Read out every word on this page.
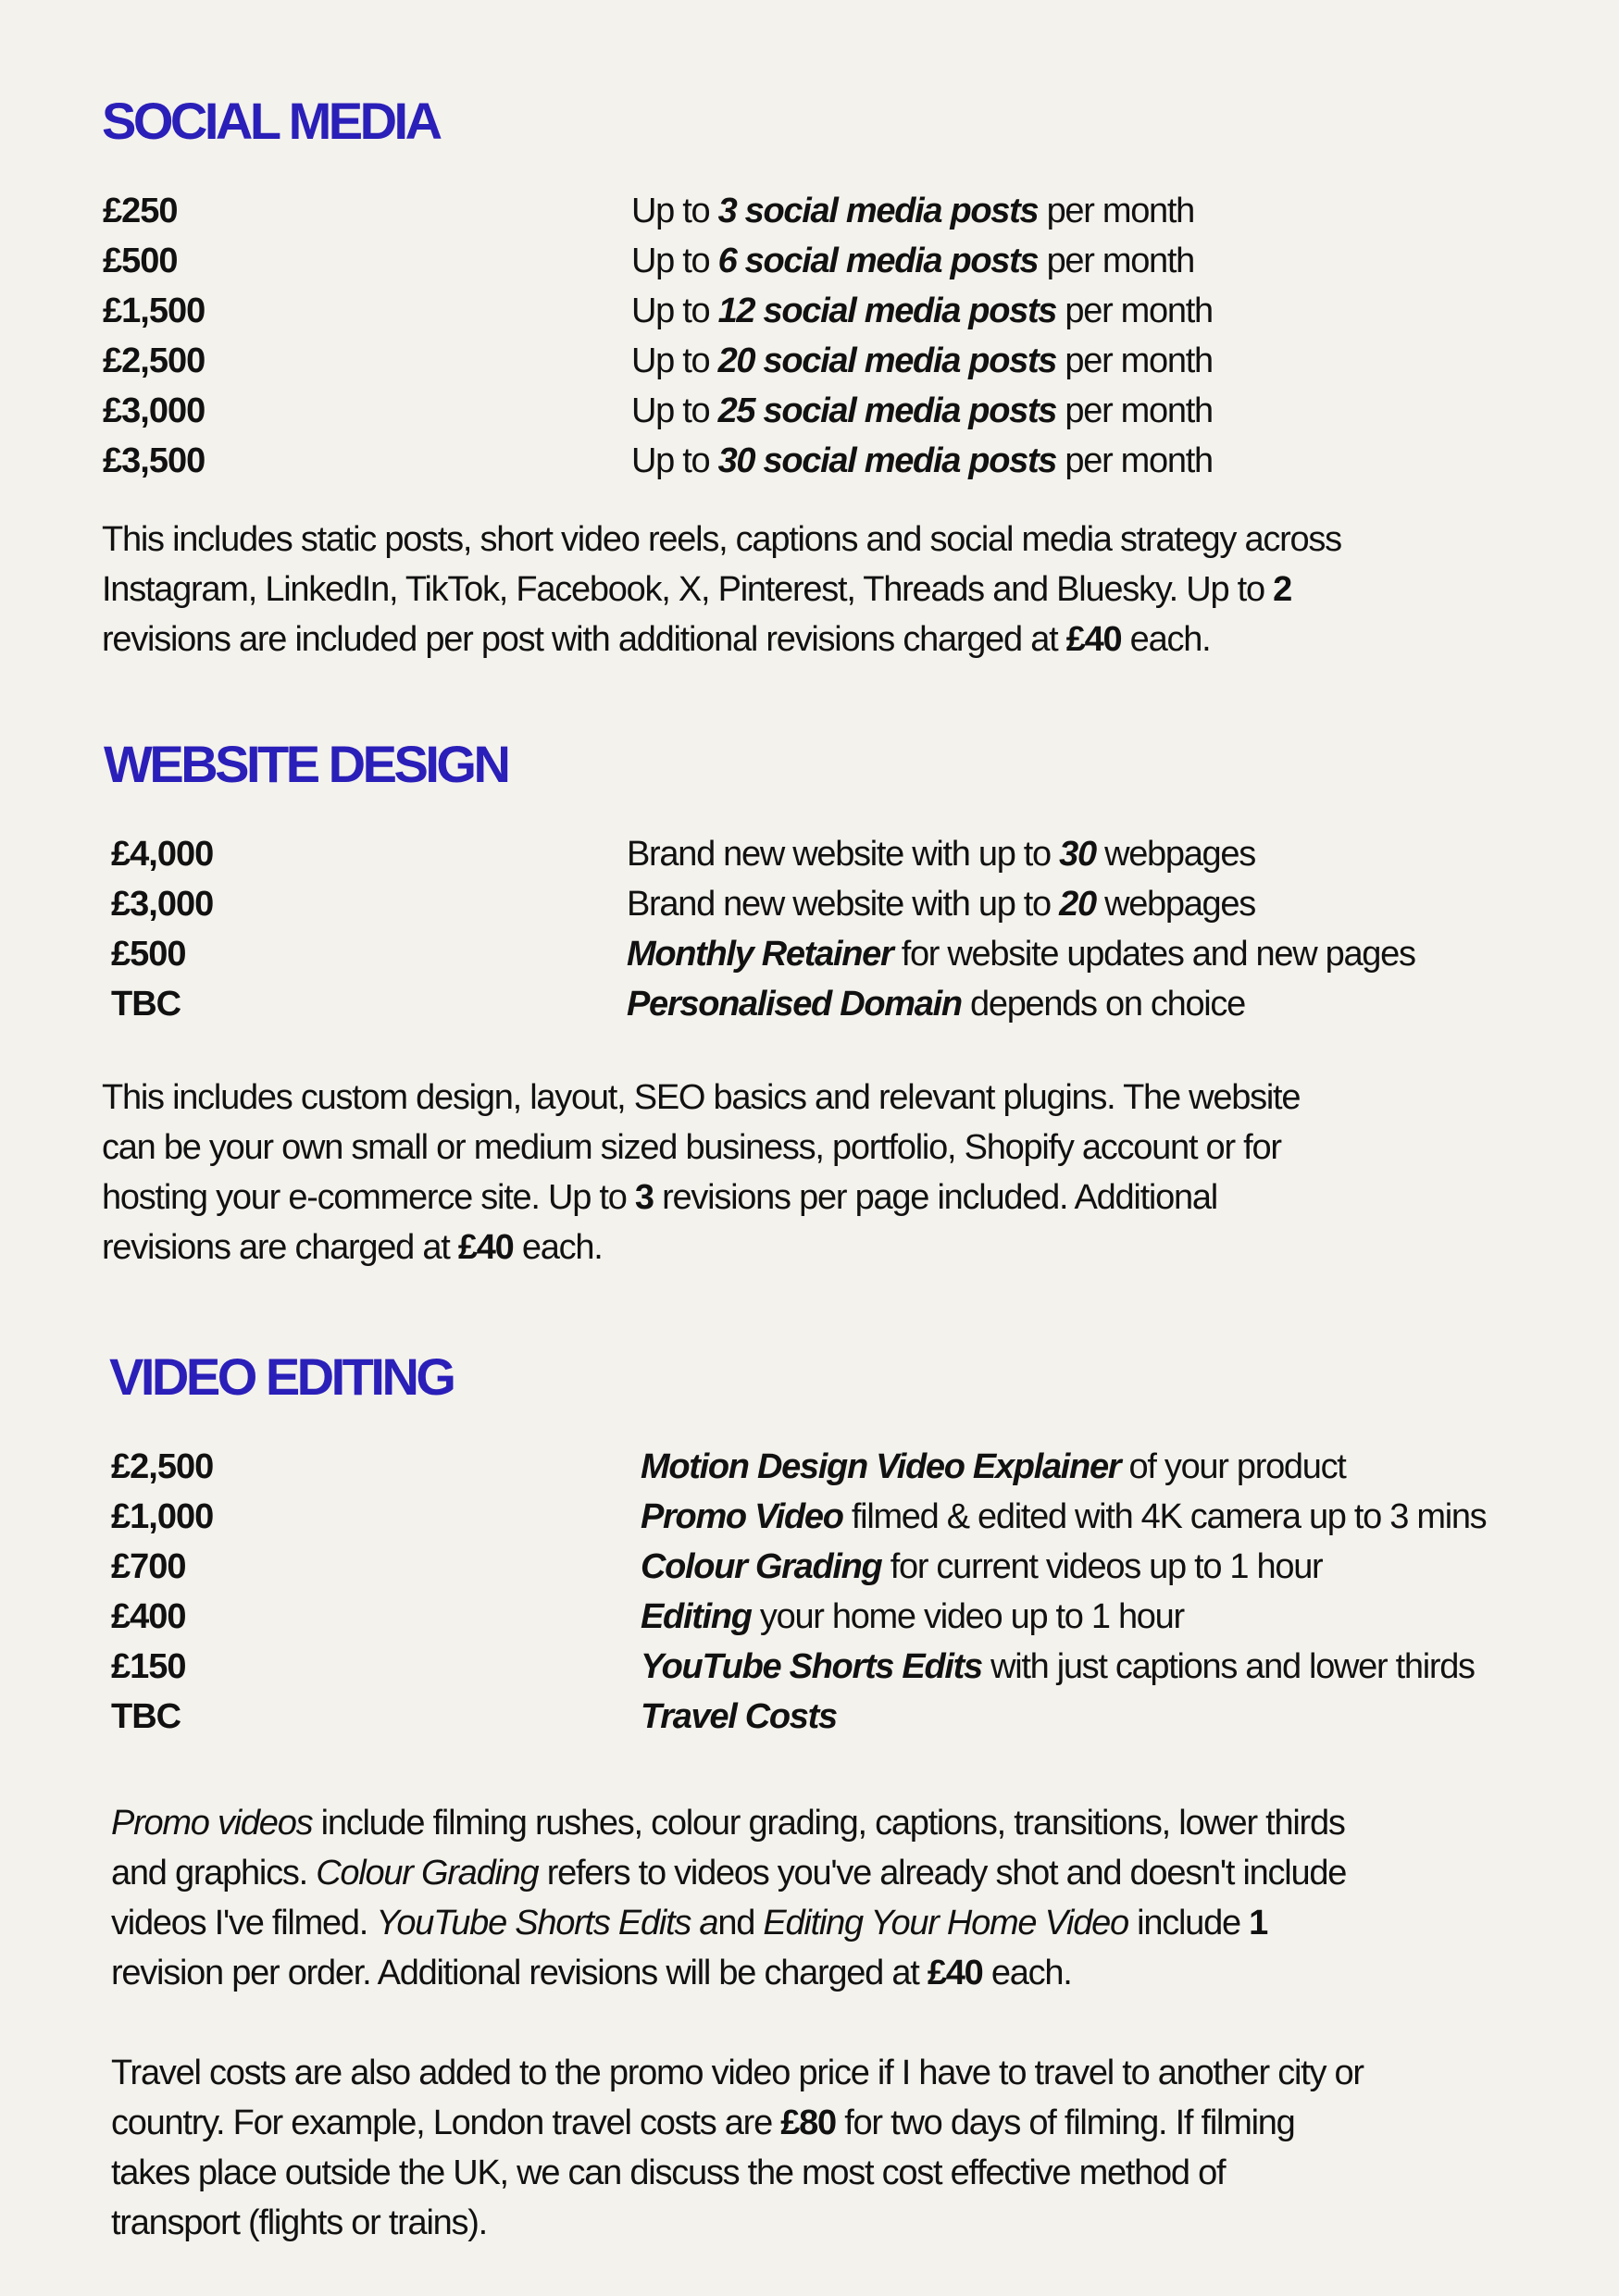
SOCIAL MEDIA
£250	Up to 3 social media posts per month
£500	Up to 6 social media posts per month
£1,500	Up to 12 social media posts per month
£2,500	Up to 20 social media posts per month
£3,000	Up to 25 social media posts per month
£3,500	Up to 30 social media posts per month
This includes static posts, short video reels, captions and social media strategy across
Instagram, LinkedIn, TikTok, Facebook, X, Pinterest, Threads and Bluesky. Up to 2
revisions are included per post with additional revisions charged at £40 each.
WEBSITE DESIGN
£4,000	Brand new website with up to 30 webpages
£3,000	Brand new website with up to 20 webpages
£500	Monthly Retainer for website updates and new pages
TBC	Personalised Domain depends on choice
This includes custom design, layout, SEO basics and relevant plugins. The website
can be your own small or medium sized business, portfolio, Shopify account or for
hosting your e-commerce site. Up to 3 revisions per page included. Additional
revisions are charged at £40 each.
VIDEO EDITING
£2,500	Motion Design Video Explainer of your product
£1,000	Promo Video filmed & edited with 4K camera up to 3 mins
£700	Colour Grading for current videos up to 1 hour
£400	Editing your home video up to 1 hour
£150	YouTube Shorts Edits with just captions and lower thirds
TBC	Travel Costs
Promo videos include filming rushes, colour grading, captions, transitions, lower thirds
and graphics. Colour Grading refers to videos you've already shot and doesn't include
videos I've filmed. YouTube Shorts Edits and Editing Your Home Video include 1
revision per order. Additional revisions will be charged at £40 each.
Travel costs are also added to the promo video price if I have to travel to another city or
country. For example, London travel costs are £80 for two days of filming. If filming
takes place outside the UK, we can discuss the most cost effective method of
transport (flights or trains).
